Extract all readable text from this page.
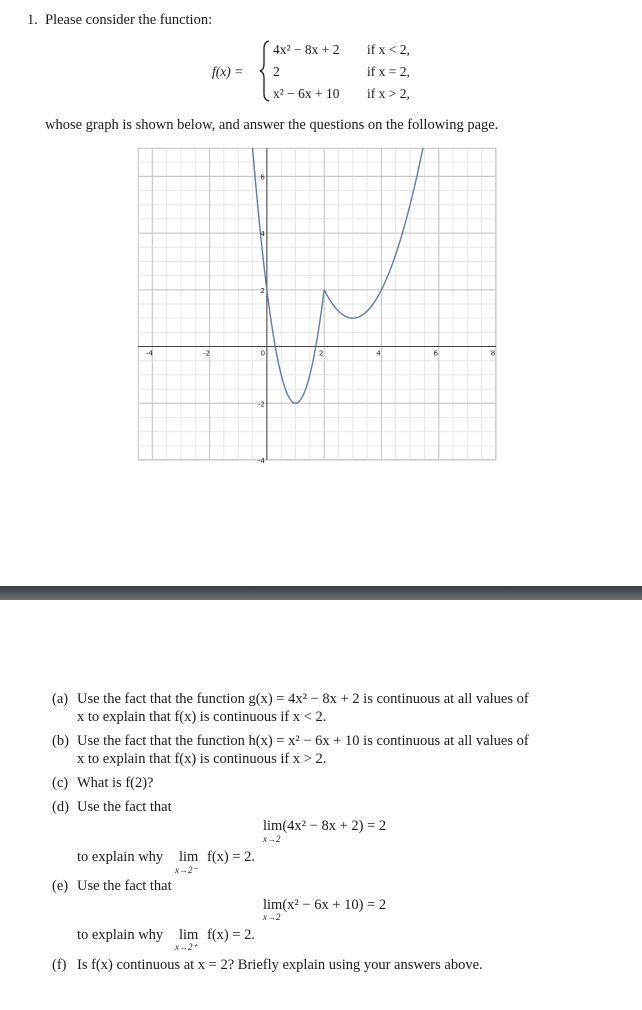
1. Please consider the function:
f(x) =
4x² − 8x + 2 if x < 2,
2	if x = 2,
x² − 6x + 10 if x > 2,
whose graph is shown below, and answer the questions on the following page.
-4	-2	0	2	4	6	8
6
4
2
-2
-4
(a) Use the fact that the function g(x) = 4x² − 8x + 2 is continuous at all values of
x to explain that f(x) is continuous if x < 2.
(b) Use the fact that the function h(x) = x² − 6x + 10 is continuous at all values of
x to explain that f(x) is continuous if x > 2.
(c) What is f(2)?
(d) Use the fact that
lim(4x² − 8x + 2) = 2
x→2
to explain why lim
x→2⁻
f(x) = 2.
(e) Use the fact that
lim(x² − 6x + 10) = 2
x→2
to explain why lim
x→2⁺
f(x) = 2.
(f) Is f(x) continuous at x = 2? Briefly explain using your answers above.
